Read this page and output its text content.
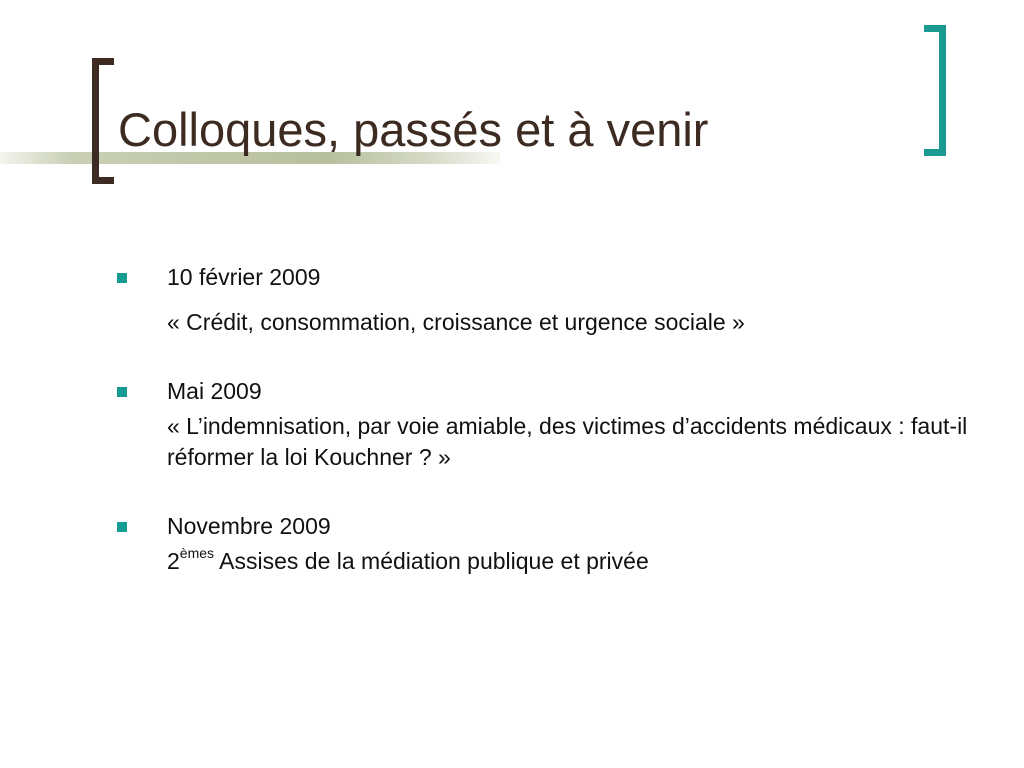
Colloques, passés et à venir
10 février 2009
« Crédit, consommation, croissance et urgence sociale »
Mai 2009
« L’indemnisation, par voie amiable, des victimes d’accidents médicaux : faut-il réformer la loi Kouchner ? »
Novembre 2009
2èmes Assises de la médiation publique et privée
